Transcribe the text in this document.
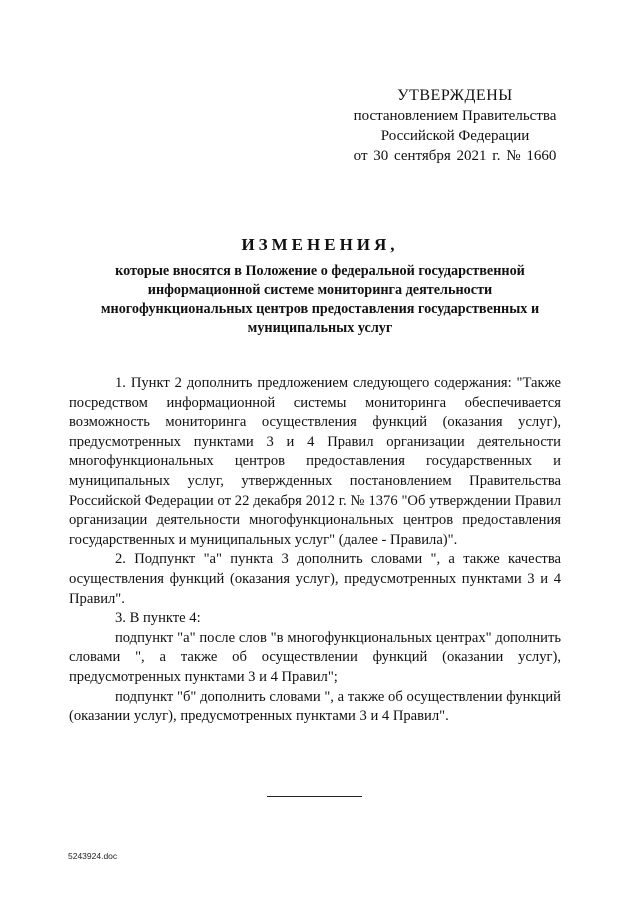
УТВЕРЖДЕНЫ
постановлением Правительства
Российской Федерации
от 30 сентября 2021 г. № 1660
ИЗМЕНЕНИЯ,
которые вносятся в Положение о федеральной государственной информационной системе мониторинга деятельности многофункциональных центров предоставления государственных и муниципальных услуг

1. Пункт 2 дополнить предложением следующего содержания: "Также посредством информационной системы мониторинга обеспечивается возможность мониторинга осуществления функций (оказания услуг), предусмотренных пунктами 3 и 4 Правил организации деятельности многофункциональных центров предоставления государственных и муниципальных услуг, утвержденных постановлением Правительства Российской Федерации от 22 декабря 2012 г. № 1376 "Об утверждении Правил организации деятельности многофункциональных центров предоставления государственных и муниципальных услуг" (далее - Правила)".

2. Подпункт "а" пункта 3 дополнить словами ", а также качества осуществления функций (оказания услуг), предусмотренных пунктами 3 и 4 Правил".

3. В пункте 4:

подпункт "а" после слов "в многофункциональных центрах" дополнить словами ", а также об осуществлении функций (оказании услуг), предусмотренных пунктами 3 и 4 Правил";

подпункт "б" дополнить словами ", а также об осуществлении функций (оказании услуг), предусмотренных пунктами 3 и 4 Правил".

5243924.doc
